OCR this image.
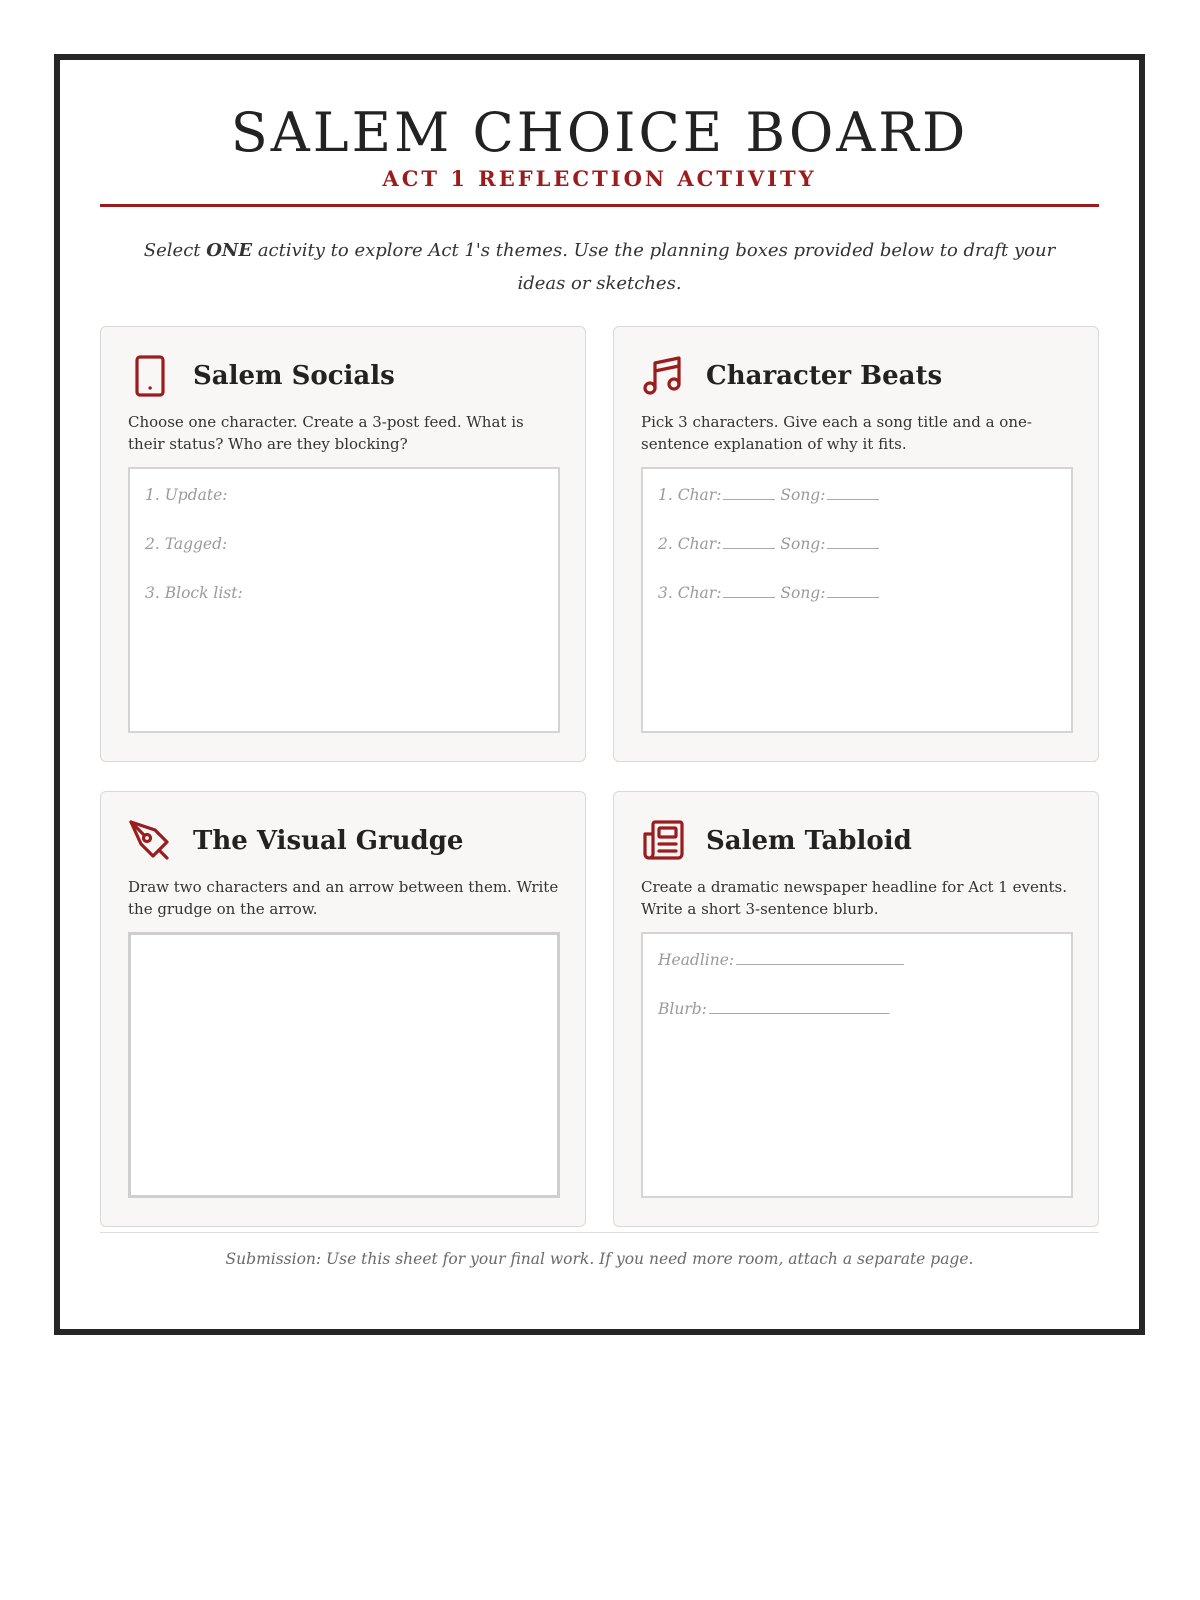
SALEM CHOICE BOARD
ACT 1 REFLECTION ACTIVITY
Select ONE activity to explore Act 1's themes. Use the planning boxes provided below to draft your ideas or sketches.
Salem Socials
Choose one character. Create a 3-post feed. What is their status? Who are they blocking?
1. Update:
2. Tagged:
3. Block list:
Character Beats
Pick 3 characters. Give each a song title and a one-sentence explanation of why it fits.
1. Char:	Song:
2. Char:	Song:
3. Char:	Song:
The Visual Grudge
Draw two characters and an arrow between them. Write the grudge on the arrow.
Salem Tabloid
Create a dramatic newspaper headline for Act 1 events. Write a short 3-sentence blurb.
Headline:
Blurb:
Submission: Use this sheet for your final work. If you need more room, attach a separate page.
